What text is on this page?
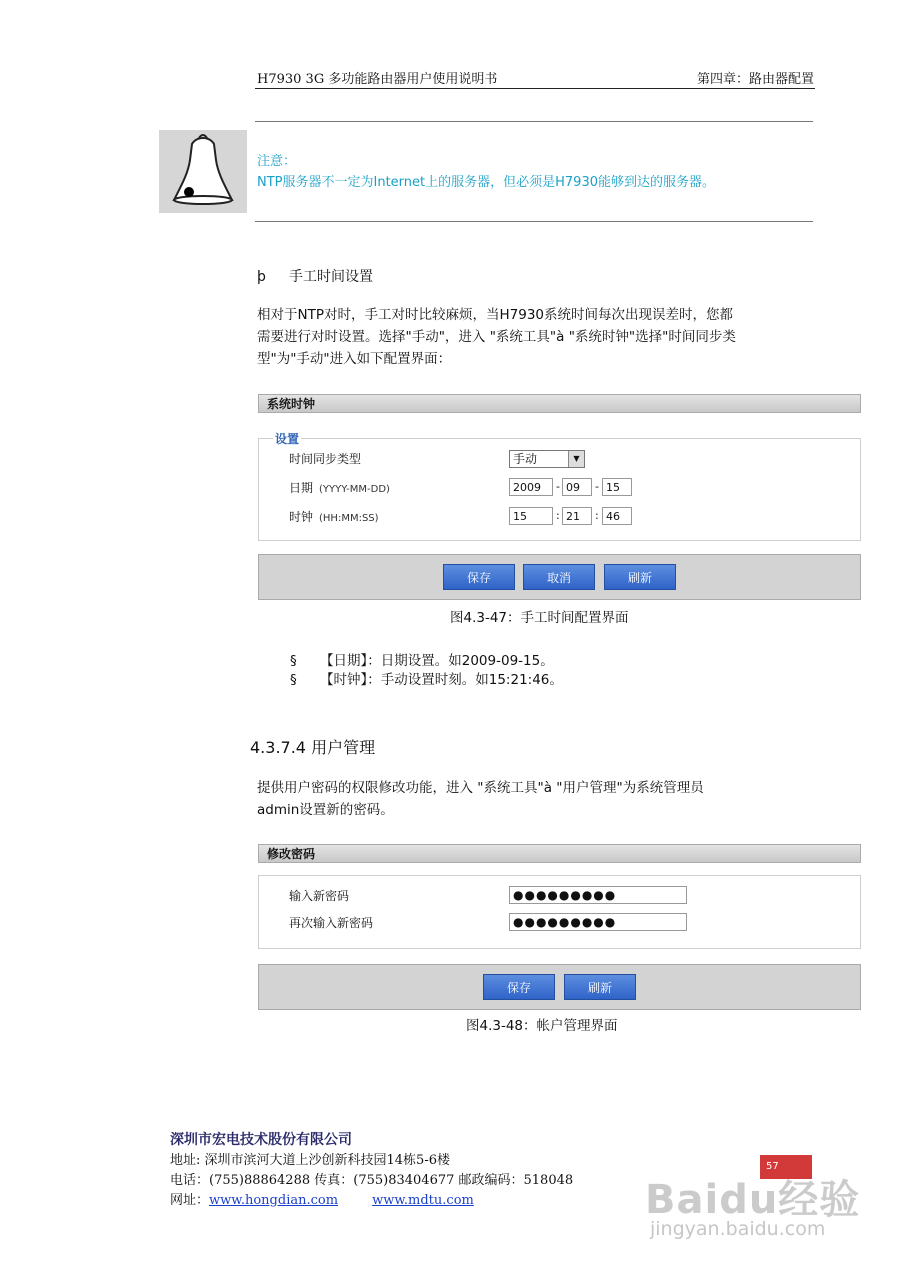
H7930 3G 多功能路由器用户使用说明书	第四章：路由器配置
注意：
NTP服务器不一定为Internet上的服务器，但必须是H7930能够到达的服务器。
þ 手工时间设置
相对于NTP对时，手工对时比较麻烦，当H7930系统时间每次出现误差时，您都
需要进行对时设置。选择"手动"，进入 "系统工具"à "系统时钟"选择"时间同步类
型"为"手动"进入如下配置界面：
系统时钟
设置
时间同步类型	手动	▼
日期 (YYYY-MM-DD)	2009	- 09	- 15
时钟 (HH:MM:SS)	15	: 21	: 46
保存	取消	刷新
图4.3-47：手工时间配置界面
§ 【日期】：日期设置。如2009-09-15。
§ 【时钟】：手动设置时刻。如15:21:46。
4.3.7.4 用户管理
提供用户密码的权限修改功能，进入 "系统工具"à "用户管理"为系统管理员
admin设置新的密码。
修改密码
输入新密码	●●●●●●●●●
再次输入新密码	●●●●●●●●●
保存	刷新
图4.3-48：帐户管理界面
深圳市宏电技术股份有限公司
地址: 深圳市滨河大道上沙创新科技园14栋5-6楼
电话：(755)88864288 传真：(755)83404677 邮政编码：518048
网址：www.hongdian.com	www.mdtu.com
57
Baidu经验
jingyan.baidu.com
